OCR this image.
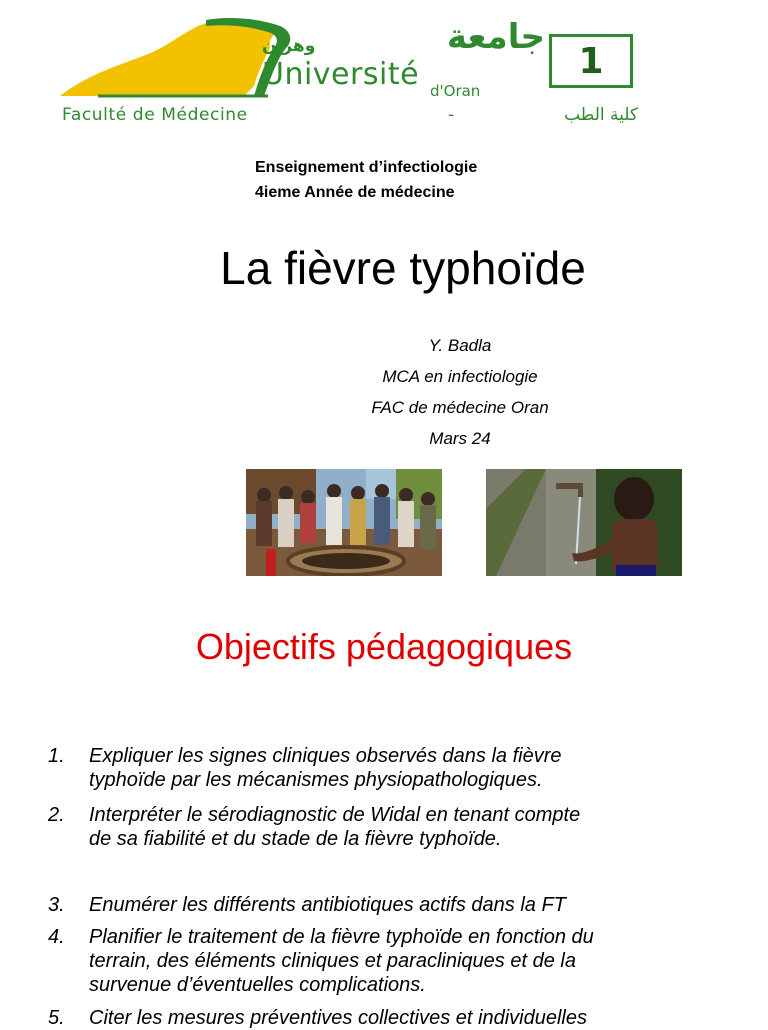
جامعة
وهران
Université d'Oran
1
Faculté de Médecine	-	كلية الطب
Enseignement d’infectiologie
4ieme Année de médecine
La fièvre typhoïde
Y. Badla
MCA en infectiologie
FAC de médecine Oran
Mars 24
Objectifs pédagogiques
1. Expliquer les signes cliniques observés dans la fièvre
typhoïde par les mécanismes physiopathologiques.
2. Interpréter le sérodiagnostic de Widal en tenant compte
de sa fiabilité et du stade de la fièvre typhoïde.
3. Enumérer les différents antibiotiques actifs dans la FT
4. Planifier le traitement de la fièvre typhoïde en fonction du
terrain, des éléments cliniques et paracliniques et de la
survenue d’éventuelles complications.
5. Citer les mesures préventives collectives et individuelles
